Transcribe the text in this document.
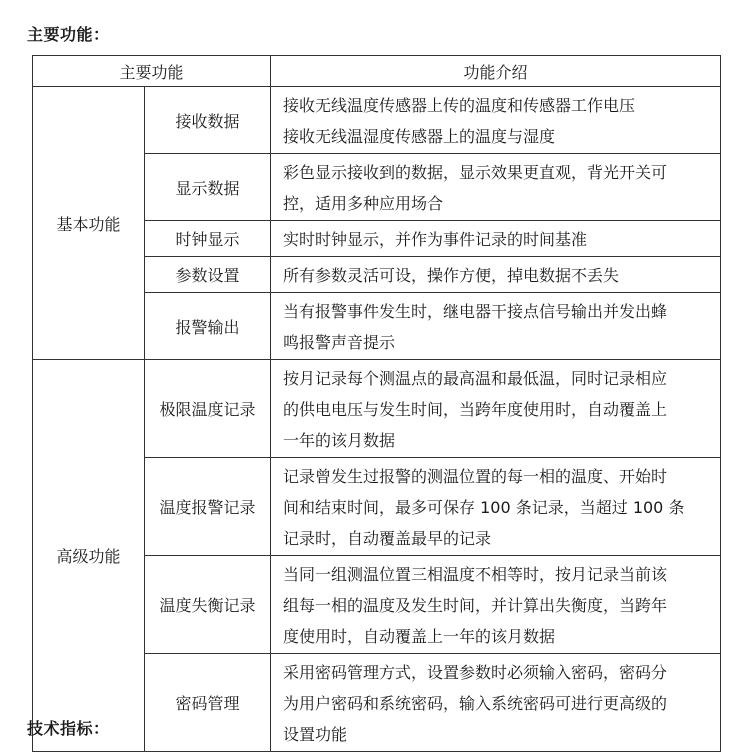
主要功能：
主要功能		功能介绍
基本功能	接收数据	接收无线温度传感器上传的温度和传感器工作电压
接收无线温湿度传感器上的温度与湿度

	显示数据	彩色显示接收到的数据，显示效果更直观，背光开关可
控，适用多种应用场合

	时钟显示	实时时钟显示，并作为事件记录的时间基准

	参数设置	所有参数灵活可设，操作方便，掉电数据不丢失

	报警输出	当有报警事件发生时，继电器干接点信号输出并发出蜂
鸣报警声音提示

高级功能	极限温度记录	按月记录每个测温点的最高温和最低温，同时记录相应
的供电电压与发生时间，当跨年度使用时，自动覆盖上
一年的该月数据

	温度报警记录	记录曾发生过报警的测温位置的每一相的温度、开始时
间和结束时间，最多可保存 100 条记录，当超过 100 条
记录时，自动覆盖最早的记录

	温度失衡记录	当同一组测温位置三相温度不相等时，按月记录当前该
组每一相的温度及发生时间，并计算出失衡度，当跨年
度使用时，自动覆盖上一年的该月数据

	密码管理	采用密码管理方式，设置参数时必须输入密码，密码分
为用户密码和系统密码，输入系统密码可进行更高级的
设置功能
技术指标：
